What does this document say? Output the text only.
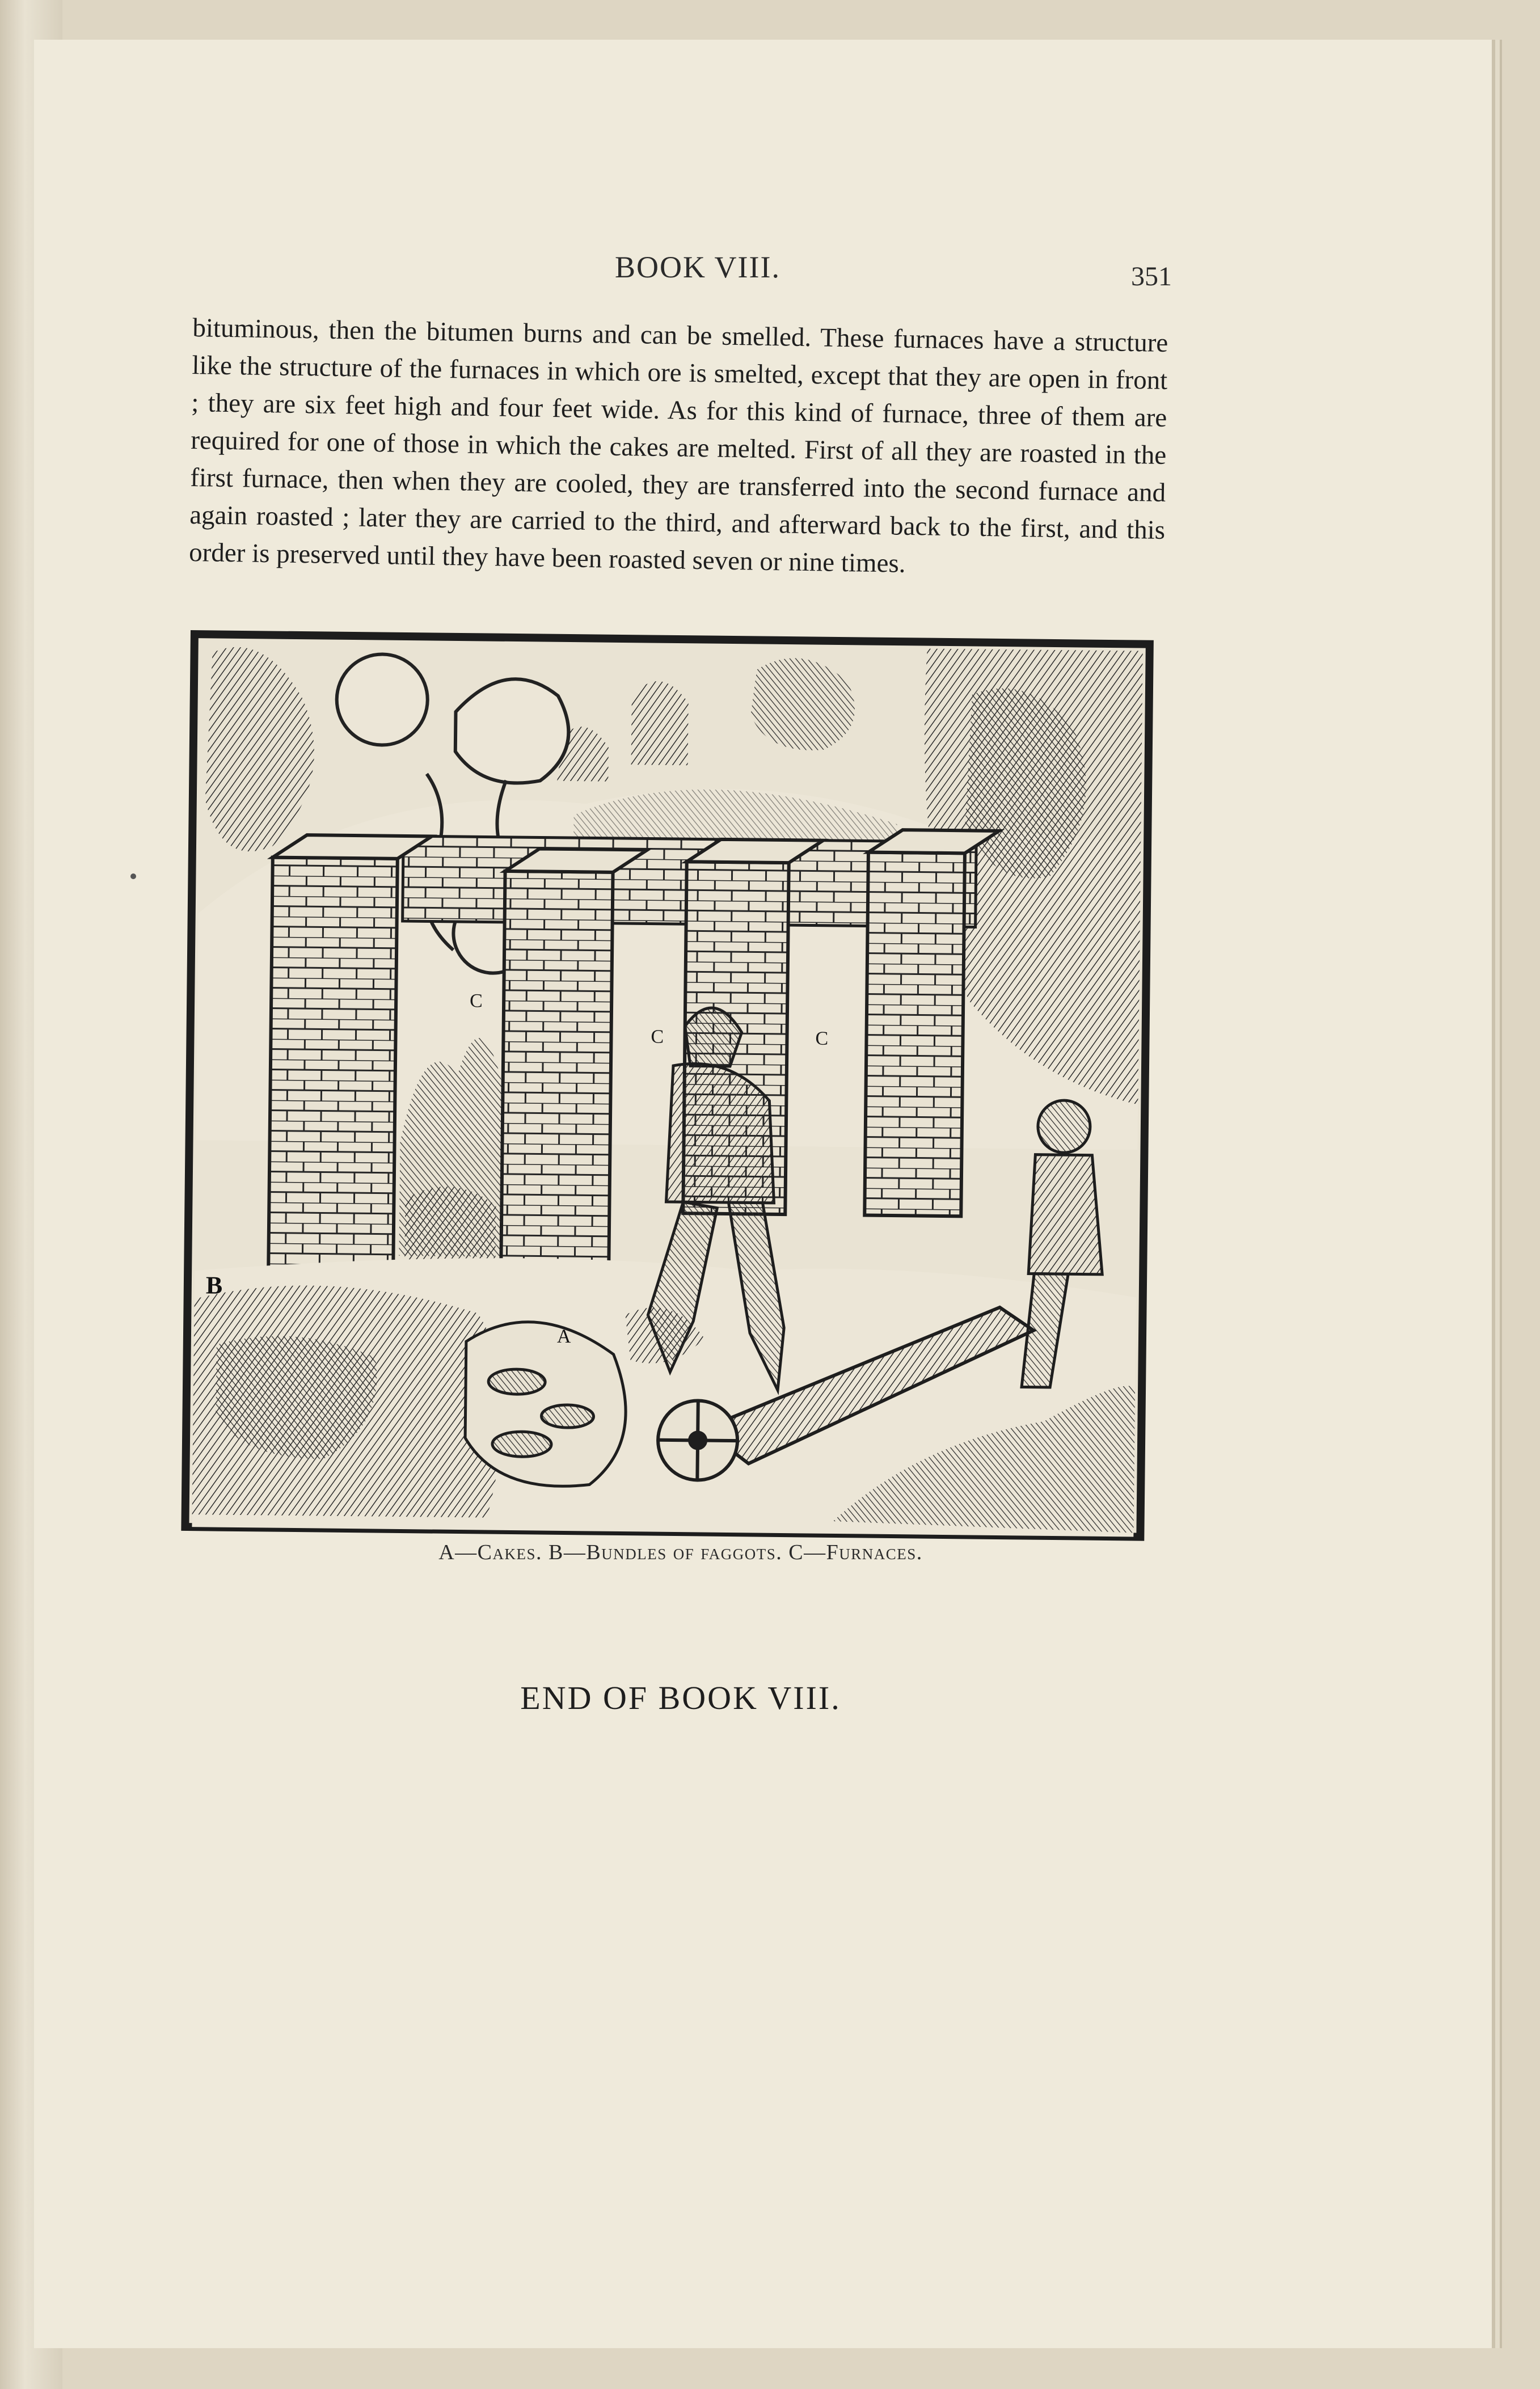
BOOK VIII.	351

bituminous, then the bitumen burns and can be smelled. These furnaces have a structure like the structure of the furnaces in which ore is smelted, except that they are open in front ; they are six feet high and four feet wide. As for this kind of furnace, three of them are required for one of those in which the cakes are melted. First of all they are roasted in the first furnace, then when they are cooled, they are transferred into the second furnace and again roasted ; later they are carried to the third, and afterward back to the first, and this order is preserved until they have been roasted seven or nine times.

C
C	C
B
A
A—Cakes. B—Bundles of faggots. C—Furnaces.
END OF BOOK VIII.
